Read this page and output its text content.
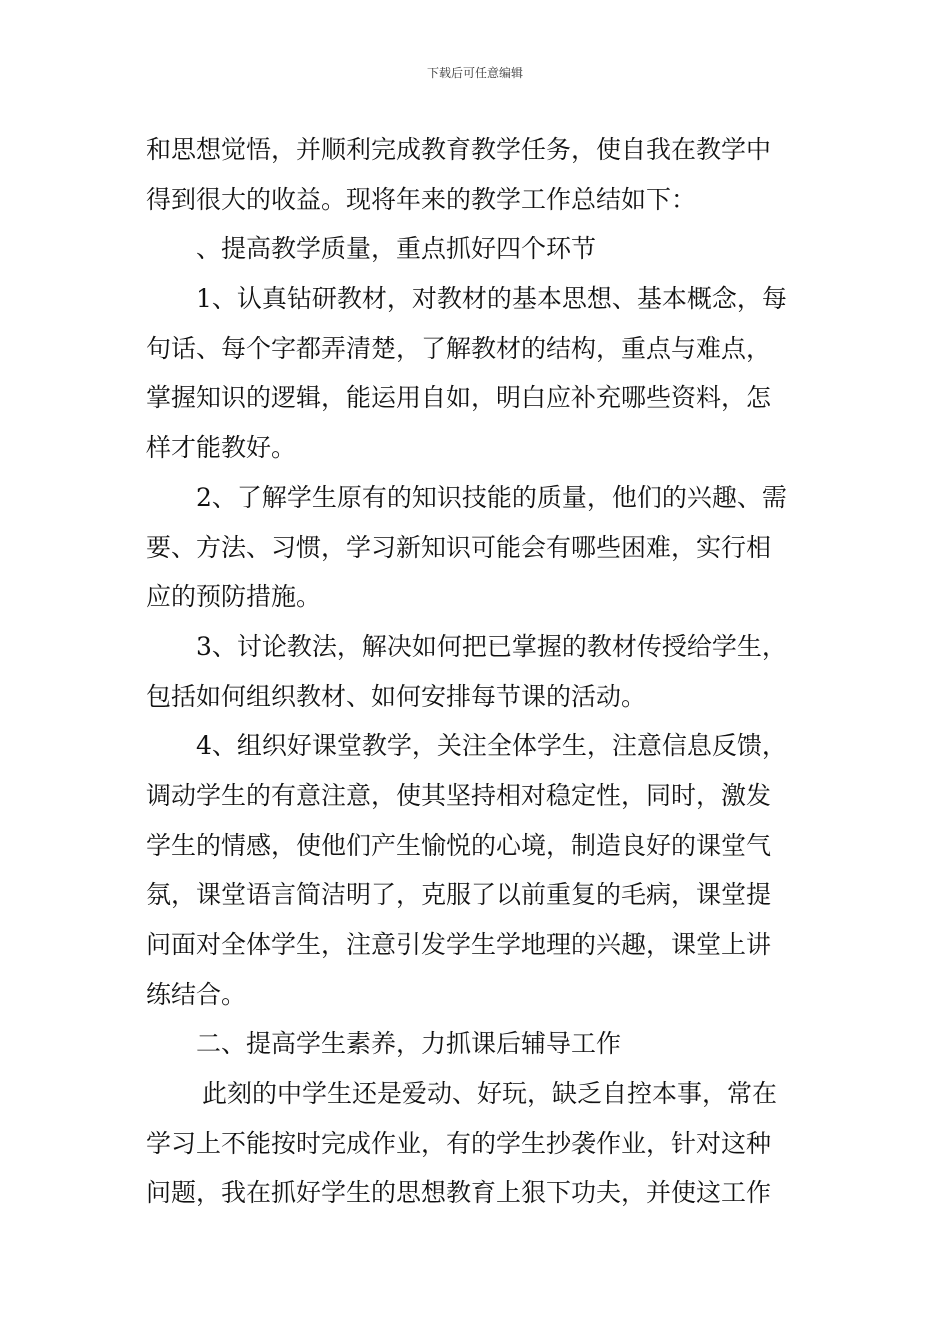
下载后可任意编辑
和思想觉悟，并顺利完成教育教学任务，使自我在教学中
得到很大的收益。现将年来的教学工作总结如下：
、提高教学质量，重点抓好四个环节
1、认真钻研教材，对教材的基本思想、基本概念，每
句话、每个字都弄清楚，了解教材的结构，重点与难点，
掌握知识的逻辑，能运用自如，明白应补充哪些资料，怎
样才能教好。
2、了解学生原有的知识技能的质量，他们的兴趣、需
要、方法、习惯，学习新知识可能会有哪些困难，实行相
应的预防措施。
3、讨论教法，解决如何把已掌握的教材传授给学生，
包括如何组织教材、如何安排每节课的活动。
4、组织好课堂教学，关注全体学生，注意信息反馈，
调动学生的有意注意，使其坚持相对稳定性，同时，激发
学生的情感，使他们产生愉悦的心境，制造良好的课堂气
氛，课堂语言简洁明了，克服了以前重复的毛病，课堂提
问面对全体学生，注意引发学生学地理的兴趣，课堂上讲
练结合。
二、提高学生素养，力抓课后辅导工作
此刻的中学生还是爱动、好玩，缺乏自控本事，常在
学习上不能按时完成作业，有的学生抄袭作业，针对这种
问题，我在抓好学生的思想教育上狠下功夫，并使这工作
